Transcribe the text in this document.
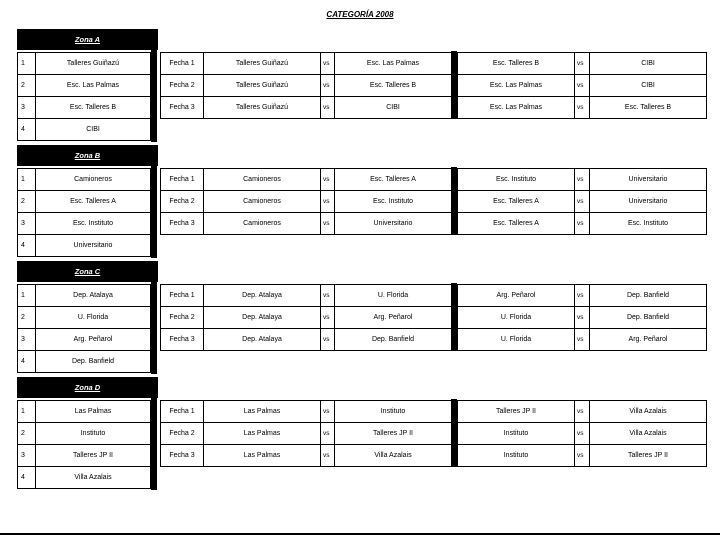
CATEGORÍA 2008
Zona A
1	Talleres Guiñazú
2	Esc. Las Palmas
3	Esc. Talleres B
4	CIBI
Fecha 1	Talleres Guiñazú	vs	Esc. Las Palmas	Esc. Talleres B	vs	CIBI
Fecha 2	Talleres Guiñazú	vs	Esc. Talleres B	Esc. Las Palmas	vs	CIBI
Fecha 3	Talleres Guiñazú	vs	CIBI	Esc. Las Palmas	vs	Esc. Talleres B
Zona B
1	Camioneros
2	Esc. Talleres A
3	Esc. Instituto
4	Universitario
Fecha 1	Camioneros	vs	Esc. Talleres A	Esc. Instituto	vs	Universitario
Fecha 2	Camioneros	vs	Esc. Instituto	Esc. Talleres A	vs	Universitario
Fecha 3	Camioneros	vs	Universitario	Esc. Talleres A	vs	Esc. Instituto
Zona C
1	Dep. Atalaya
2	U. Florida
3	Arg. Peñarol
4	Dep. Banfield
Fecha 1	Dep. Atalaya	vs	U. Florida	Arg. Peñarol	vs	Dep. Banfield
Fecha 2	Dep. Atalaya	vs	Arg. Peñarol	U. Florida	vs	Dep. Banfield
Fecha 3	Dep. Atalaya	vs	Dep. Banfield	U. Florida	vs	Arg. Peñarol
Zona D
1	Las Palmas
2	Instituto
3	Talleres JP II
4	Villa Azalais
Fecha 1	Las Palmas	vs	Instituto	Talleres JP II	vs	Villa Azalais
Fecha 2	Las Palmas	vs	Talleres JP II	Instituto	vs	Villa Azalais
Fecha 3	Las Palmas	vs	Villa Azalais	Instituto	vs	Talleres JP II
